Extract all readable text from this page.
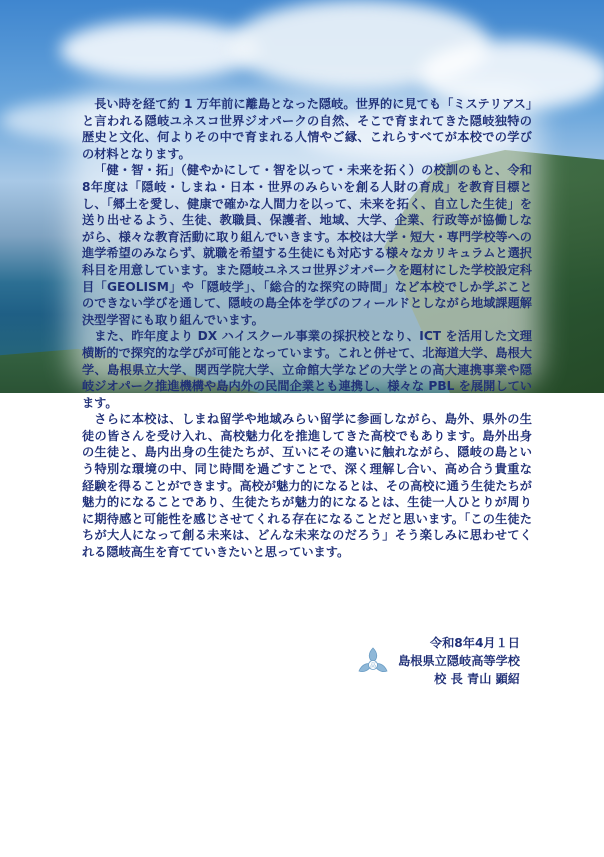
長い時を経て約 1 万年前に離島となった隠岐。世界的に見ても「ミステリアス」と言われる隠岐ユネスコ世界ジオパークの自然、そこで育まれてきた隠岐独特の歴史と文化、何よりその中で育まれる人情やご縁、これらすべてが本校での学びの材料となります。

「健・智・拓」（健やかにして・智を以って・未来を拓く）の校訓のもと、令和8年度は「隠岐・しまね・日本・世界のみらいを創る人財の育成」を教育目標とし、「郷土を愛し、健康で確かな人間力を以って、未来を拓く、自立した生徒」を送り出せるよう、生徒、教職員、保護者、地域、大学、企業、行政等が協働しながら、様々な教育活動に取り組んでいきます。本校は大学・短大・専門学校等への進学希望のみならず、就職を希望する生徒にも対応する様々なカリキュラムと選択科目を用意しています。また隠岐ユネスコ世界ジオパークを題材にした学校設定科目「GEOLISM」や「隠岐学」、「総合的な探究の時間」など本校でしか学ぶことのできない学びを通して、隠岐の島全体を学びのフィールドとしながら地域課題解決型学習にも取り組んでいます。

また、昨年度より DX ハイスクール事業の採択校となり、ICT を活用した文理横断的で探究的な学びが可能となっています。これと併せて、北海道大学、島根大学、島根県立大学、関西学院大学、立命館大学などの大学との高大連携事業や隠岐ジオパーク推進機構や島内外の民間企業とも連携し、様々な PBL を展開しています。

さらに本校は、しまね留学や地域みらい留学に参画しながら、島外、県外の生徒の皆さんを受け入れ、高校魅力化を推進してきた高校でもあります。島外出身の生徒と、島内出身の生徒たちが、互いにその違いに触れながら、隠岐の島という特別な環境の中、同じ時間を過ごすことで、深く理解し合い、高め合う貴重な経験を得ることができます。高校が魅力的になるとは、その高校に通う生徒たちが魅力的になることであり、生徒たちが魅力的になるとは、生徒一人ひとりが周りに期待感と可能性を感じさせてくれる存在になることだと思います。「この生徒たちが大人になって創る未来は、どんな未来なのだろう」そう楽しみに思わせてくれる隠岐高生を育てていきたいと思っています。

高
令和8年4月１日
島根県立隠岐高等学校
校 長 青山 顕紹
